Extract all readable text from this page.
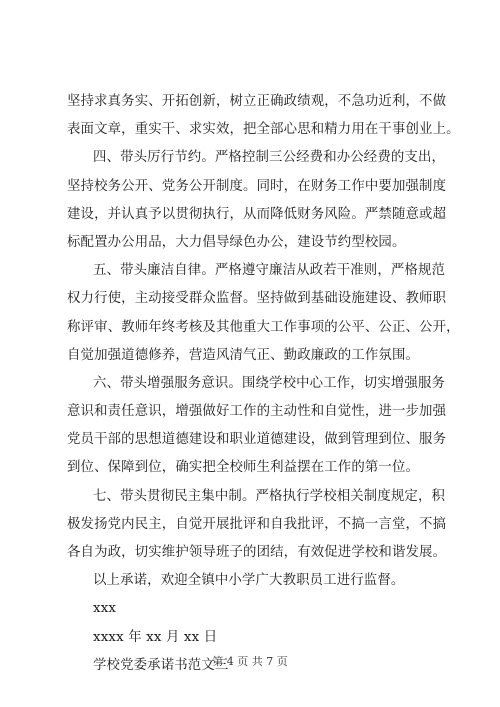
坚持求真务实、开拓创新，树立正确政绩观，不急功近利，不做
表面文章，重实干、求实效，把全部心思和精力用在干事创业上。
四、带头厉行节约。严格控制三公经费和办公经费的支出，
坚持校务公开、党务公开制度。同时，在财务工作中要加强制度
建设，并认真予以贯彻执行，从而降低财务风险。严禁随意或超
标配置办公用品，大力倡导绿色办公，建设节约型校园。
五、带头廉洁自律。严格遵守廉洁从政若干准则，严格规范
权力行使，主动接受群众监督。坚持做到基础设施建设、教师职
称评审、教师年终考核及其他重大工作事项的公平、公正、公开，
自觉加强道德修养，营造风清气正、勤政廉政的工作氛围。
六、带头增强服务意识。围绕学校中心工作，切实增强服务
意识和责任意识，增强做好工作的主动性和自觉性，进一步加强
党员干部的思想道德建设和职业道德建设，做到管理到位、服务
到位、保障到位，确实把全校师生利益摆在工作的第一位。
七、带头贯彻民主集中制。严格执行学校相关制度规定，积
极发扬党内民主，自觉开展批评和自我批评，不搞一言堂，不搞
各自为政，切实维护领导班子的团结，有效促进学校和谐发展。
以上承诺，欢迎全镇中小学广大教职员工进行监督。
xxx
xxxx 年 xx 月 xx 日
学校党委承诺书范文三
第 4 页 共 7 页
